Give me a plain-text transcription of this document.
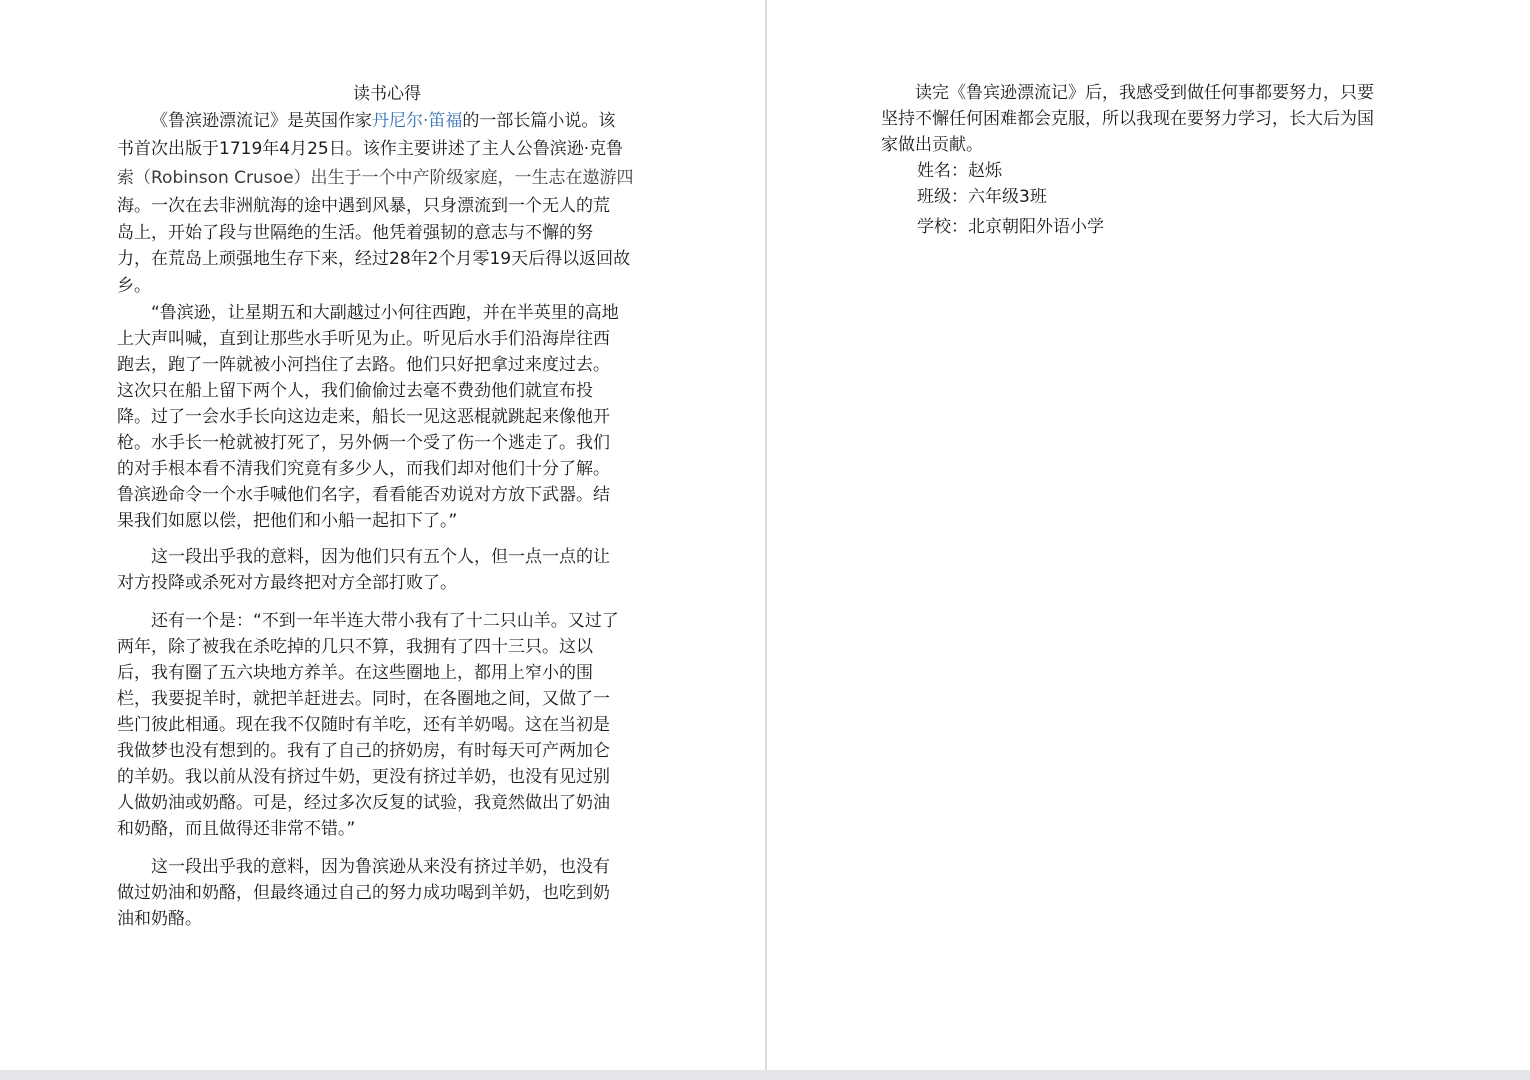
读书心得

《鲁滨逊漂流记》是英国作家丹尼尔·笛福的一部长篇小说。该
书首次出版于1719年4月25日。该作主要讲述了主人公鲁滨逊·克鲁
索（Robinson Crusoe）出生于一个中产阶级家庭，一生志在遨游四
海。一次在去非洲航海的途中遇到风暴，只身漂流到一个无人的荒
岛上，开始了段与世隔绝的生活。他凭着强韧的意志与不懈的努
力，在荒岛上顽强地生存下来，经过28年2个月零19天后得以返回故
乡。
“鲁滨逊，让星期五和大副越过小何往西跑，并在半英里的高地
上大声叫喊，直到让那些水手听见为止。听见后水手们沿海岸往西
跑去，跑了一阵就被小河挡住了去路。他们只好把拿过来度过去。
这次只在船上留下两个人，我们偷偷过去毫不费劲他们就宣布投
降。过了一会水手长向这边走来，船长一见这恶棍就跳起来像他开
枪。水手长一枪就被打死了，另外俩一个受了伤一个逃走了。我们
的对手根本看不清我们究竟有多少人，而我们却对他们十分了解。
鲁滨逊命令一个水手喊他们名字，看看能否劝说对方放下武器。结
果我们如愿以偿，把他们和小船一起扣下了。”
这一段出乎我的意料，因为他们只有五个人，但一点一点的让
对方投降或杀死对方最终把对方全部打败了。
还有一个是：“不到一年半连大带小我有了十二只山羊。又过了
两年，除了被我在杀吃掉的几只不算，我拥有了四十三只。这以
后，我有圈了五六块地方养羊。在这些圈地上，都用上窄小的围
栏，我要捉羊时，就把羊赶进去。同时，在各圈地之间，又做了一
些门彼此相通。现在我不仅随时有羊吃，还有羊奶喝。这在当初是
我做梦也没有想到的。我有了自己的挤奶房，有时每天可产两加仑
的羊奶。我以前从没有挤过牛奶，更没有挤过羊奶，也没有见过别
人做奶油或奶酪。可是，经过多次反复的试验，我竟然做出了奶油
和奶酪，而且做得还非常不错。”
这一段出乎我的意料，因为鲁滨逊从来没有挤过羊奶，也没有
做过奶油和奶酪，但最终通过自己的努力成功喝到羊奶，也吃到奶
油和奶酪。
读完《鲁宾逊漂流记》后，我感受到做任何事都要努力，只要
坚持不懈任何困难都会克服，所以我现在要努力学习，长大后为国
家做出贡献。
姓名：赵烁
班级：六年级3班
学校：北京朝阳外语小学
